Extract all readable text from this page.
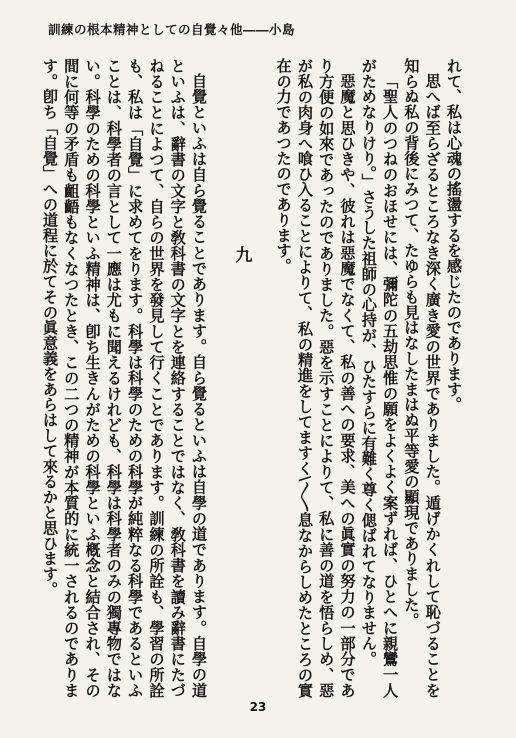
訓練の根本精神としての自覺々他――小島

れて、私は心魂の搖盪するを感じたのであります。

思へば至らざるところなき深く廣き愛の世界でありました。遁げかくれして恥づることを知らぬ私の背後にみつて、たゆらも見はなしたまはぬ平等愛の顯現でありました。

「聖人のつねのおほせには、彌陀の五劫思惟の願をよくよく案ずれば、ひとへに親鸞一人がためなりけり。」さうした祖師の心持が、ひたすらに有難く尊く偲ばれてなりません。

惡魔と思ひきや、彼れは惡魔でなくて、私の善への要求、美への眞實の努力の一部分であり方便の如來であったのでありました。惡を示すことによりて、私に善の道を悟らしめ、惡が私の肉身へ喰ひ入ることによりて、私の精進をしてますく\〱息なからしめたところの實在の力であつたのであります。

九

自覺といふは自ら覺ることであります。自ら覺るといふは自學の道であります。自學の道といふは、辭書の文字と敎科書の文字とを連絡することではなく、敎科書を讀み辭書にたづねることによつて、自らの世界を發見して行くことであります。訓練の所詮も、學習の所詮も、私は「自覺」に求めてをります。科學は科學のための科學が純粹なる科學であるといふことは、科學者の言として一應は尤もに聞えるけれども、科學は科學者のみの獨專物ではない。科學のための科學といふ精神は、卽ち生きんがための科學といふ槪念と結合され、その間に何等の矛盾も齟齬もなくなつたとき、この二つの精神が本質的に統一されるのであります。卽ち「自覺」への道程に於てその眞意義をあらはして來るかと思ひます。

23
